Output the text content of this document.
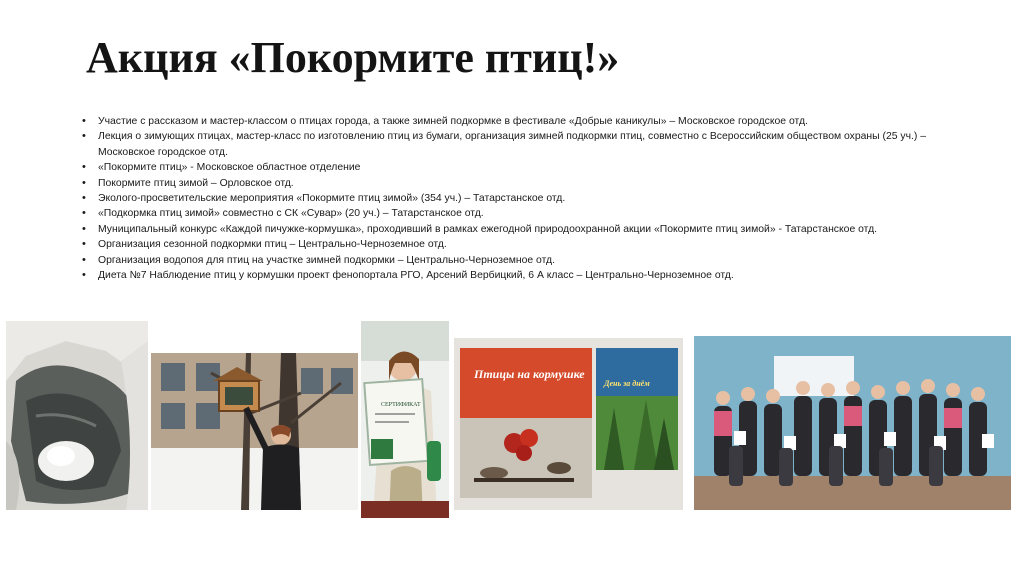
Акция «Покормите птиц!»
• Участие с рассказом и мастер-классом о птицах города, а также зимней подкормке в фестивале «Добрые каникулы» – Московское городское отд.
• Лекция о зимующих птицах, мастер-класс по изготовлению птиц из бумаги, организация зимней подкормки птиц, совместно с Всероссийским обществом охраны (25 уч.) – Московское городское отд.
• «Покормите птиц» - Московское областное отделение
• Покормите птиц зимой – Орловское отд.
• Эколого-просветительские мероприятия «Покормите птиц зимой» (354 уч.) – Татарстанское отд.
• «Подкормка птиц зимой» совместно с СК «Сувар» (20 уч.) – Татарстанское отд.
• Муниципальный конкурс «Каждой пичужке-кормушка», проходивший в рамках ежегодной природоохранной акции «Покормите птиц зимой» - Татарстанское отд.
• Организация сезонной подкормки птиц – Центрально-Черноземное отд.
• Организация водопоя для птиц на участке зимней подкормки – Центрально-Черноземное отд.
• Диета №7 Наблюдение птиц у кормушки проект фенопортала РГО, Арсений Вербицкий, 6 А класс – Центрально-Черноземное отд.
СЕРТИФИКАТ
Птицы на кормушке
День за днём
